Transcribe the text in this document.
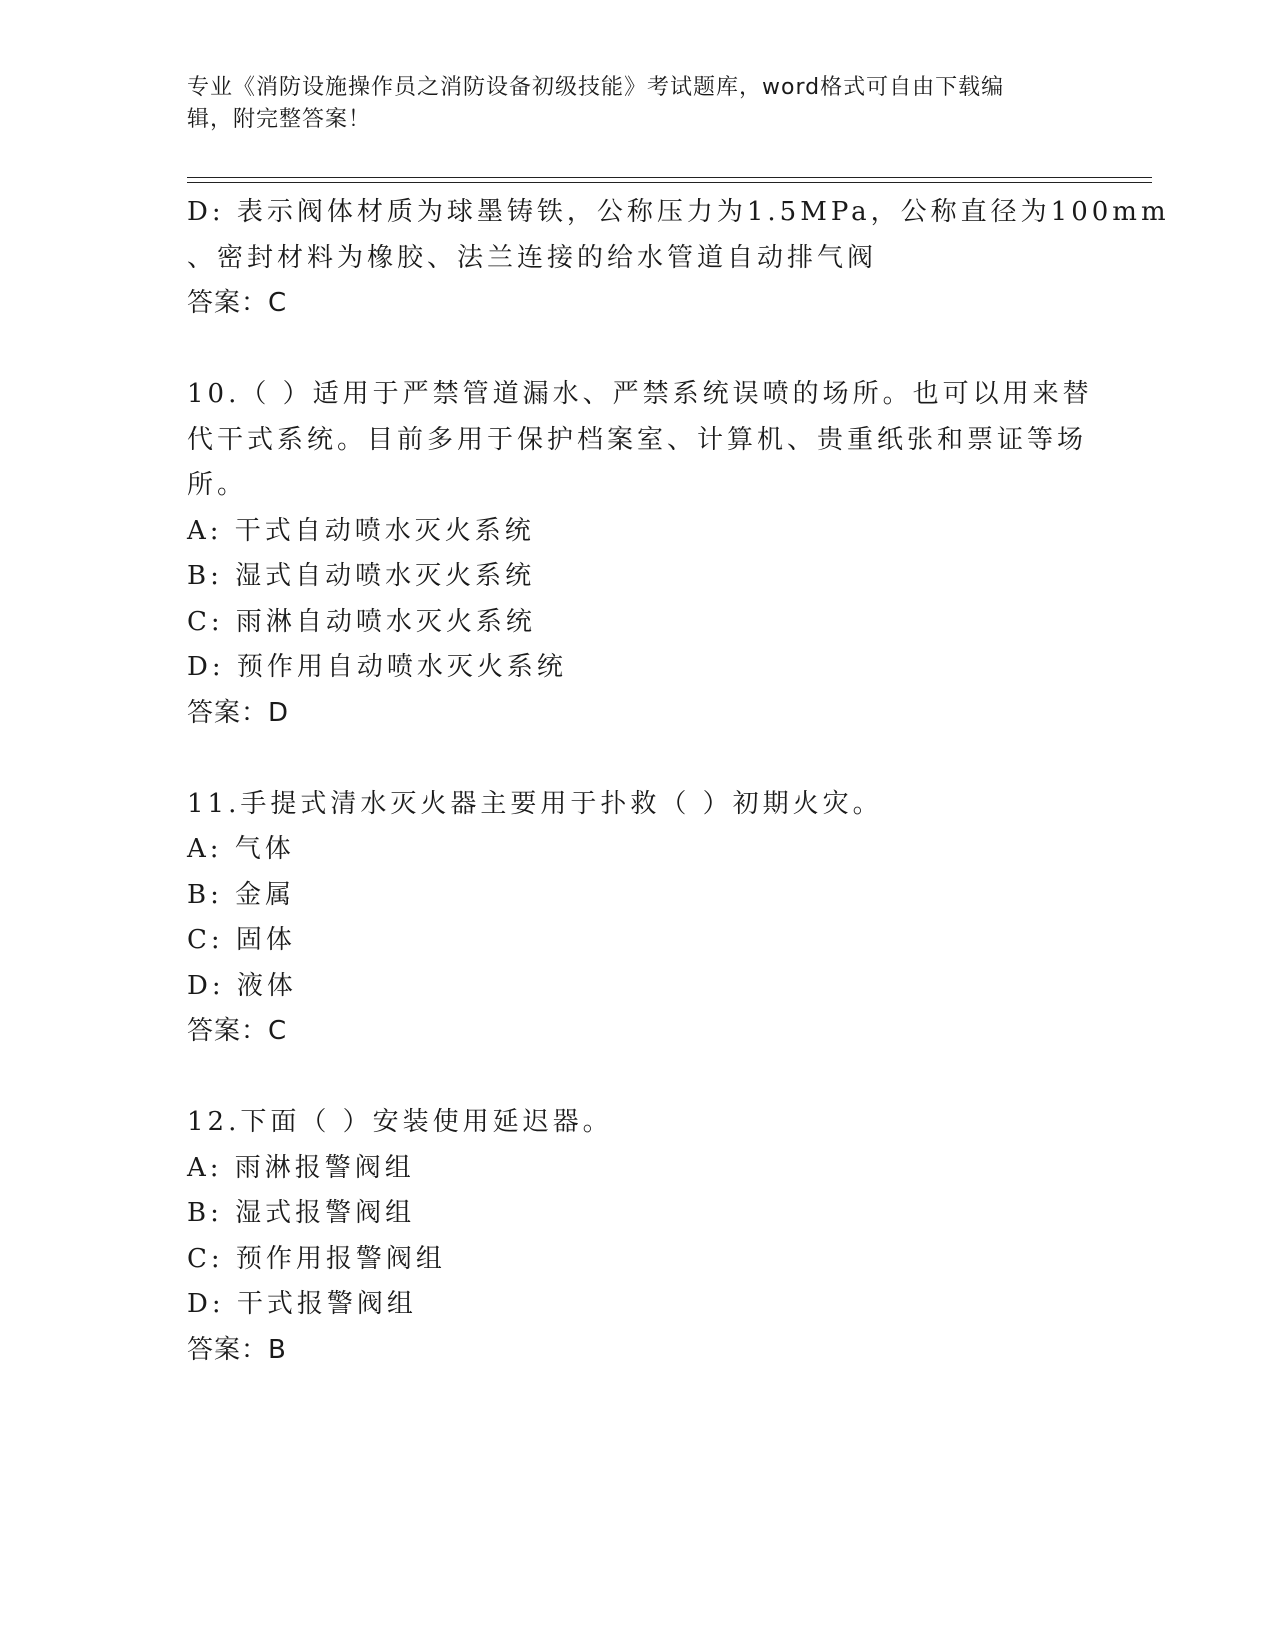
专业《消防设施操作员之消防设备初级技能》考试题库，word格式可自由下载编
辑，附完整答案！
D: 表示阀体材质为球墨铸铁，公称压力为1.5MPa，公称直径为100mm
、密封材料为橡胶、法兰连接的给水管道自动排气阀
答案：C
10.（ ）适用于严禁管道漏水、严禁系统误喷的场所。也可以用来替
代干式系统。目前多用于保护档案室、计算机、贵重纸张和票证等场
所。
A: 干式自动喷水灭火系统
B: 湿式自动喷水灭火系统
C: 雨淋自动喷水灭火系统
D: 预作用自动喷水灭火系统
答案：D
11.手提式清水灭火器主要用于扑救（ ）初期火灾。
A: 气体
B: 金属
C: 固体
D: 液体
答案：C
12.下面（ ）安装使用延迟器。
A: 雨淋报警阀组
B: 湿式报警阀组
C: 预作用报警阀组
D: 干式报警阀组
答案：B
